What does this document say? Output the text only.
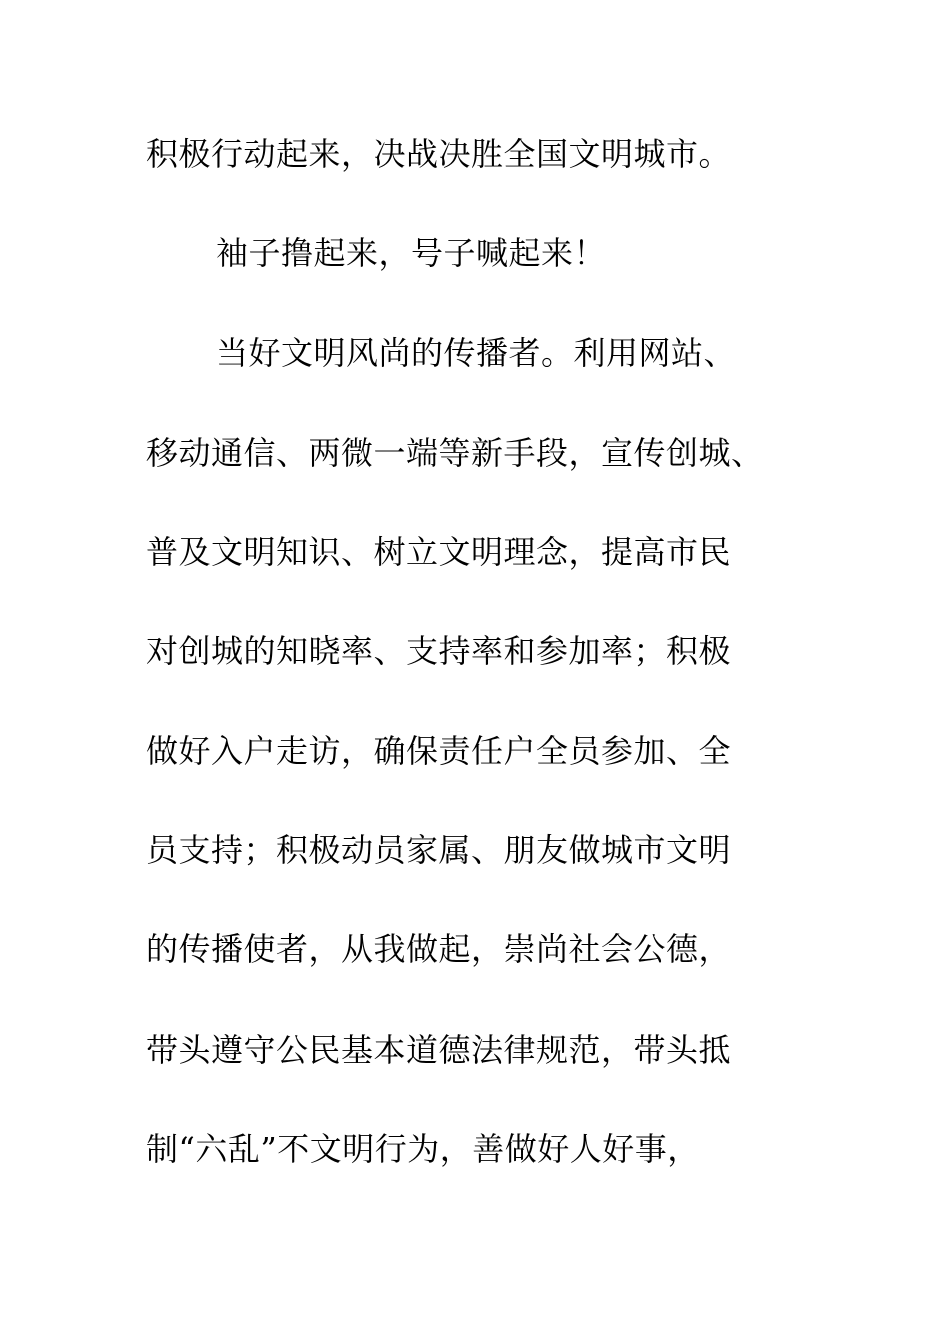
积极行动起来，决战决胜全国文明城市。
袖子撸起来，号子喊起来！
当好文明风尚的传播者。利用网站、
移动通信、两微一端等新手段，宣传创城、
普及文明知识、树立文明理念，提高市民
对创城的知晓率、支持率和参加率；积极
做好入户走访，确保责任户全员参加、全
员支持；积极动员家属、朋友做城市文明
的传播使者，从我做起，崇尚社会公德，
带头遵守公民基本道德法律规范，带头抵
制“六乱”不文明行为，善做好人好事，
